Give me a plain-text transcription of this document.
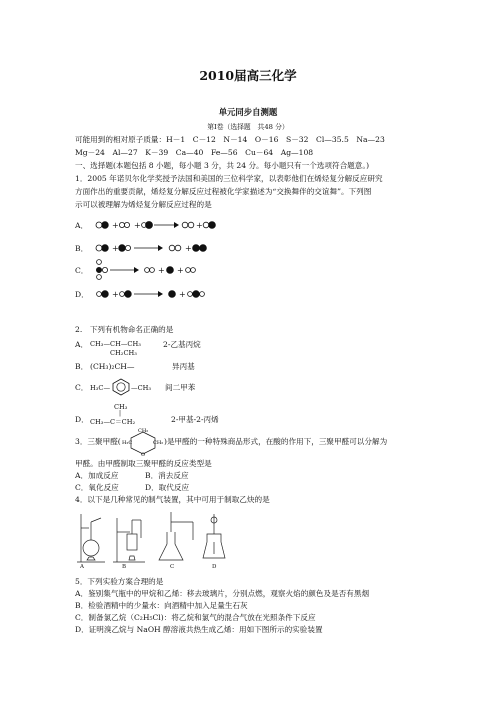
2010届高三化学
单元同步自测题
第Ⅰ卷（选择题　共48 分）
可能用到的相对原子质量：H－1　C－12　N－14　O－16　S－32　Cl—35.5　Na—23
Mg－24　Al—27　K－39　Ca—40　Fe—56　Cu－64　Ag—108
一、选择题(本题包括 8 小题，每小题 3 分，共 24 分。每小题只有一个选项符合题意。)
1．2005 年诺贝尔化学奖授予法国和美国的三位科学家，以表彰他们在烯烃复分解反应研究
方面作出的重要贡献，烯烃复分解反应过程被化学家描述为“交换舞伴的交谊舞”。下列图
示可以被理解为烯烃复分解反应过程的是
A．	+ +	+
B．	+	+
C．	+ +
D．	+	+
2.　下列有机物命名正确的是
A． CH₃—CH—CH₃
CH₂CH₃
2-乙基丙烷
B． (CH₃)₂CH—	异丙基
C． H₃C—	—CH₃ 间二甲苯
CH₃
|
D． CH₃—C＝CH₂	2-甲基-2-丙烯
3．三聚甲醛(
CH₂
H₂C	CH₂
O
)是甲醛的一种特殊商品形式，在酸的作用下，三聚甲醛可以分解为
甲醛。由甲醛制取三聚甲醛的反应类型是
A．加成反应	B．消去反应
C．氧化反应	D．取代反应
4．以下是几种常见的制气装置，其中可用于制取乙炔的是
A	B	C	D
5．下列实验方案合理的是
A．鉴别集气瓶中的甲烷和乙烯：移去玻璃片，分别点燃，观察火焰的颜色及是否有黑烟
B．检验酒精中的少量水：向酒精中加入足量生石灰
C．制备氯乙烷（C₂H₅Cl)：将乙烷和氯气的混合气放在光照条件下反应
D．证明溴乙烷与 NaOH 醇溶液共热生成乙烯：用如下图所示的实验装置
